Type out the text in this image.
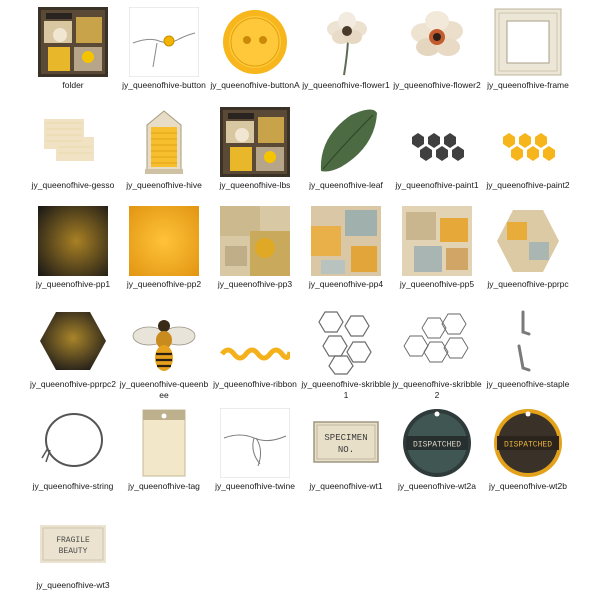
folder	jy_queenofhive-button jy_queenofhive-buttonA jy_queenofhive-flower1 jy_queenofhive-flower2 jy_queenofhive-frame
jy_queenofhive-gesso	jy_queenofhive-hive	jy_queenofhive-lbs	jy_queenofhive-leaf	jy_queenofhive-paint1 jy_queenofhive-paint2
jy_queenofhive-pp1	jy_queenofhive-pp2	jy_queenofhive-pp3	jy_queenofhive-pp4	jy_queenofhive-pp5	jy_queenofhive-pprpc
jy_queenofhive-pprpc2 jy_queenofhive-queenbee
jy_queenofhive-ribbon jy_queenofhive-skribble1
jy_queenofhive-skribble2
jy_queenofhive-staple
jy_queenofhive-string	jy_queenofhive-tag	jy_queenofhive-twine
SPECIMEN
NO.
jy_queenofhive-wt1
DISPATCHED
jy_queenofhive-wt2a
DISPATCHED
jy_queenofhive-wt2b
FRAGILE
BEAUTY
jy_queenofhive-wt3
